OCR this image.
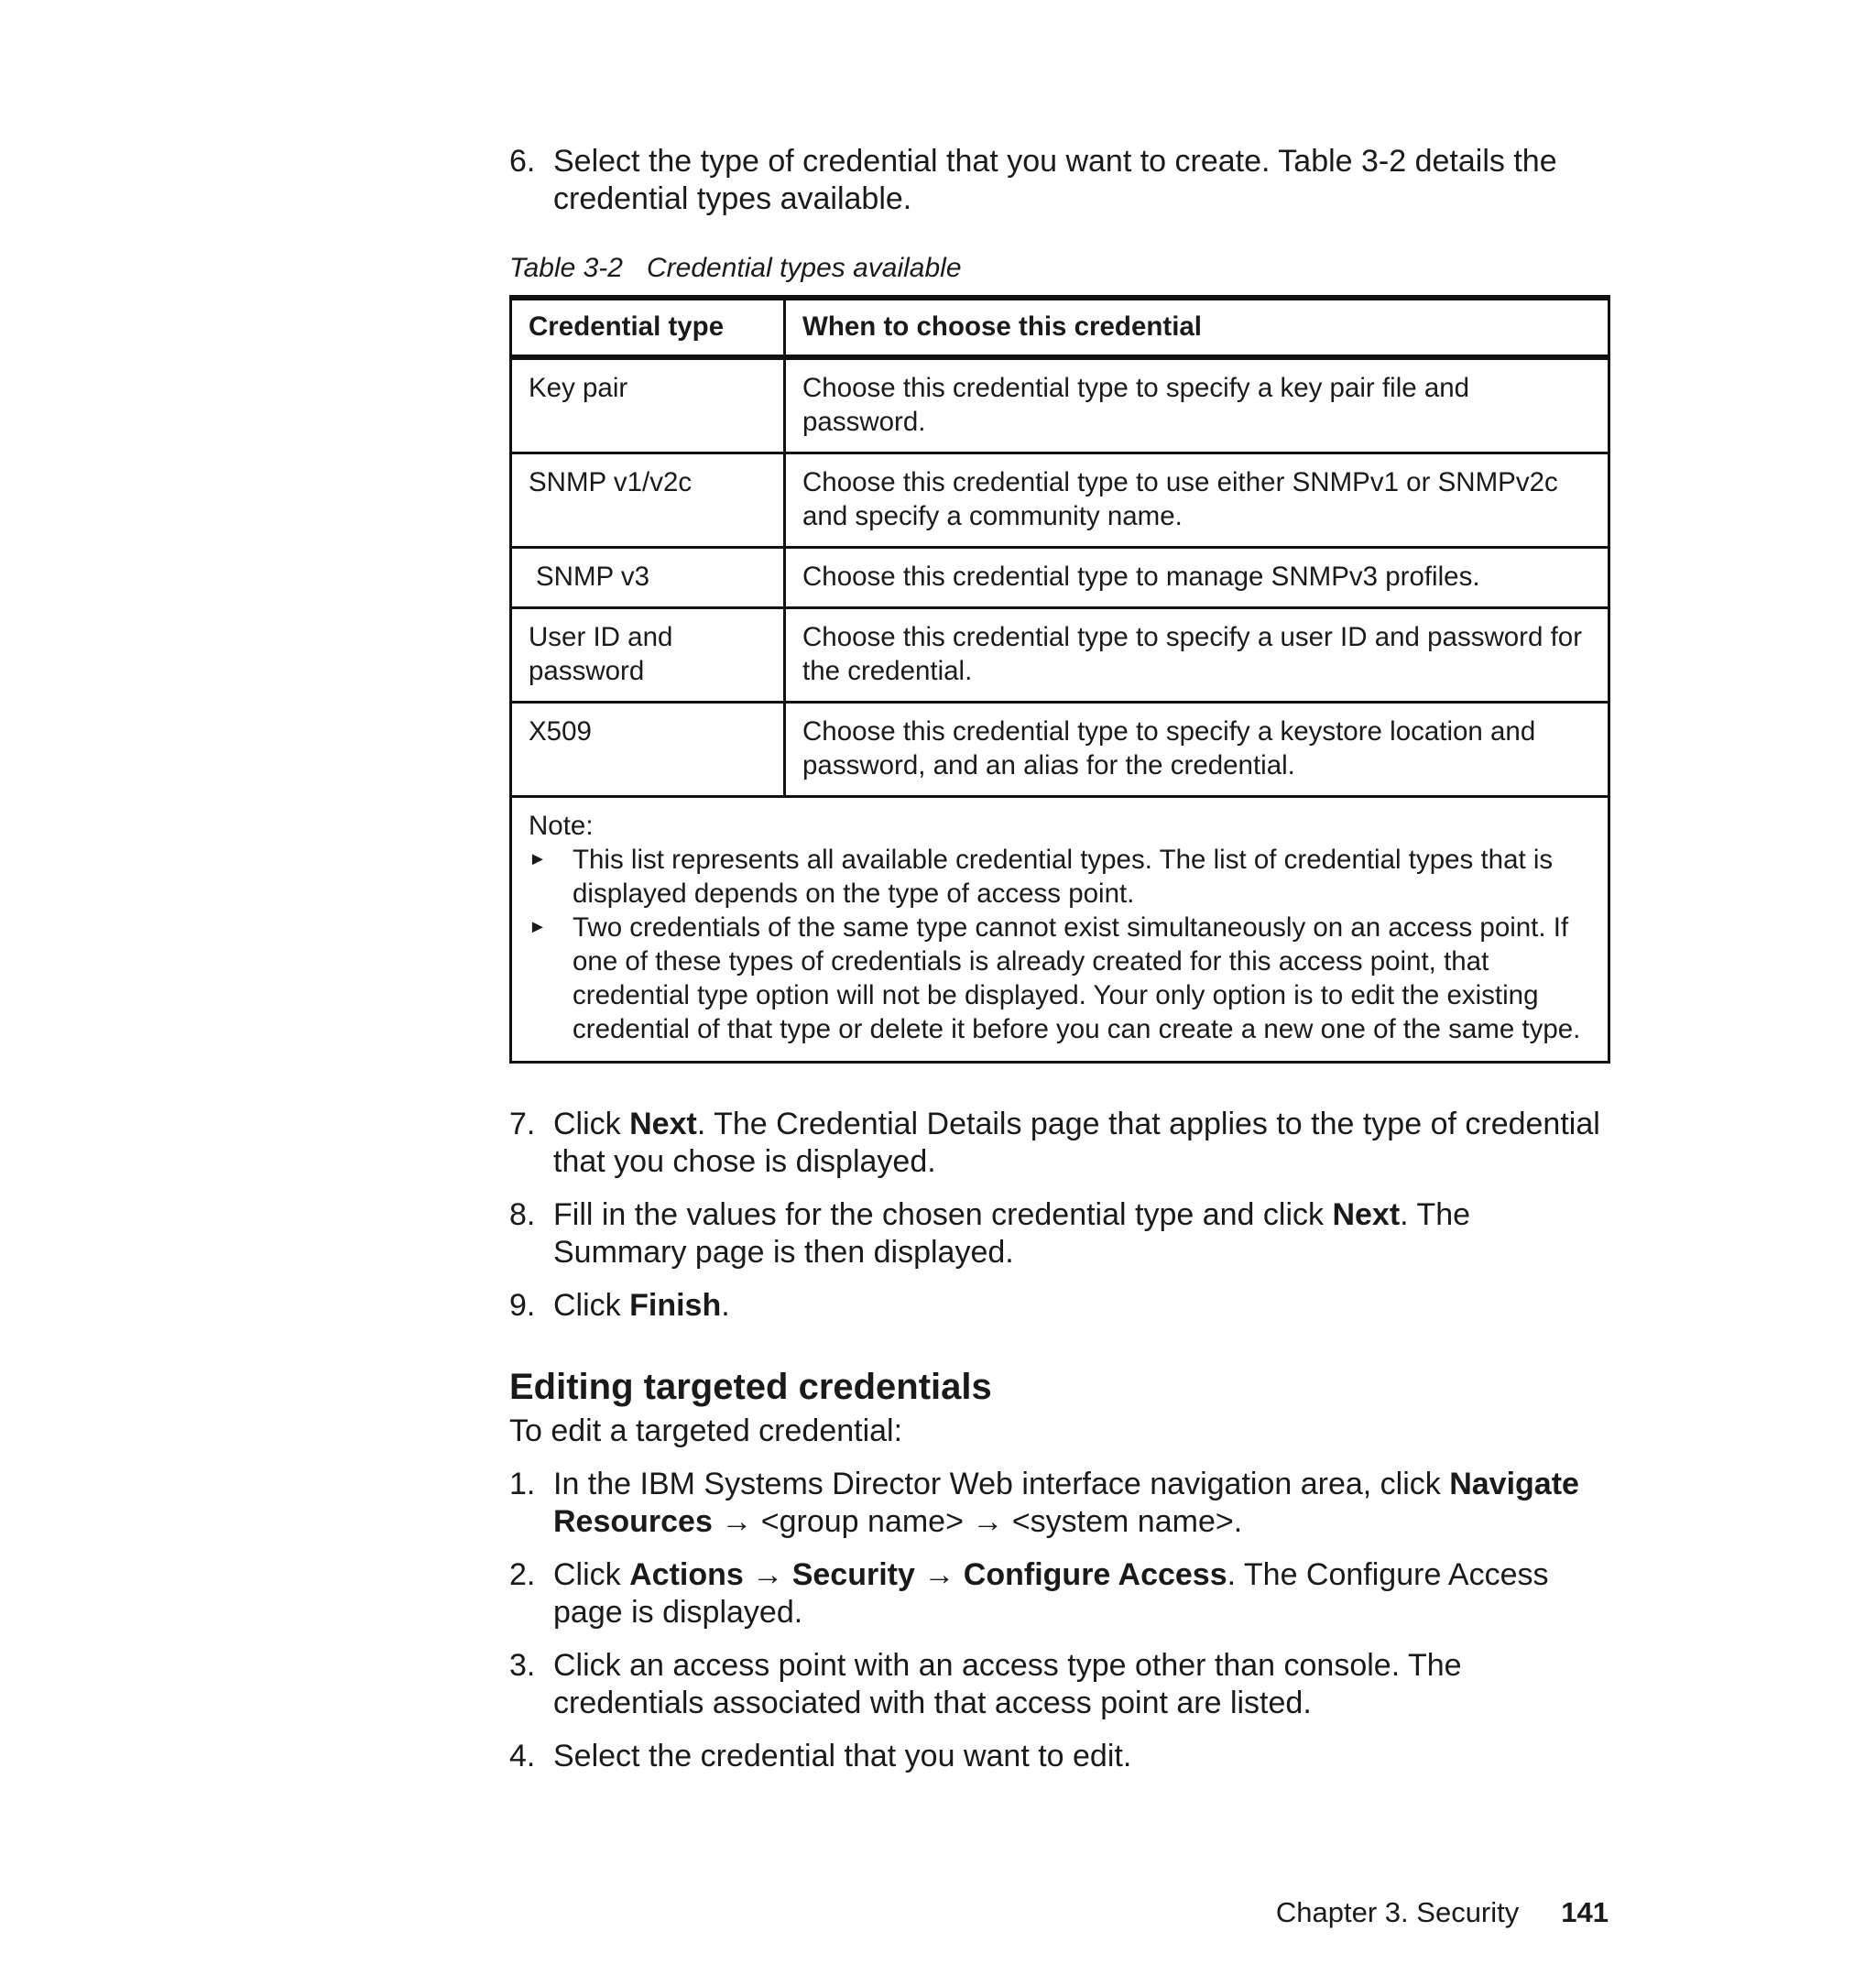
6. Select the type of credential that you want to create. Table 3-2 details the credential types available.

Table 3-2 Credential types available
Credential type	When to choose this credential
Key pair	Choose this credential type to specify a key pair file and password.
SNMP v1/v2c	Choose this credential type to use either SNMPv1 or SNMPv2c and specify a community name.
SNMP v3	Choose this credential type to manage SNMPv3 profiles.
User ID and password	Choose this credential type to specify a user ID and password for the credential.
X509	Choose this credential type to specify a keystore location and password, and an alias for the credential.

Note:
► This list represents all available credential types. The list of credential types that is displayed depends on the type of access point.
► Two credentials of the same type cannot exist simultaneously on an access point. If one of these types of credentials is already created for this access point, that credential type option will not be displayed. Your only option is to edit the existing credential of that type or delete it before you can create a new one of the same type.	

7. Click Next. The Credential Details page that applies to the type of credential that you chose is displayed.

8. Fill in the values for the chosen credential type and click Next. The Summary page is then displayed.

9. Click Finish.

Editing targeted credentials

To edit a targeted credential:

1. In the IBM Systems Director Web interface navigation area, click Navigate Resources → <group name> → <system name>.

2. Click Actions → Security → Configure Access. The Configure Access page is displayed.

3. Click an access point with an access type other than console. The credentials associated with that access point are listed.

4. Select the credential that you want to edit.

Chapter 3. Security 141
